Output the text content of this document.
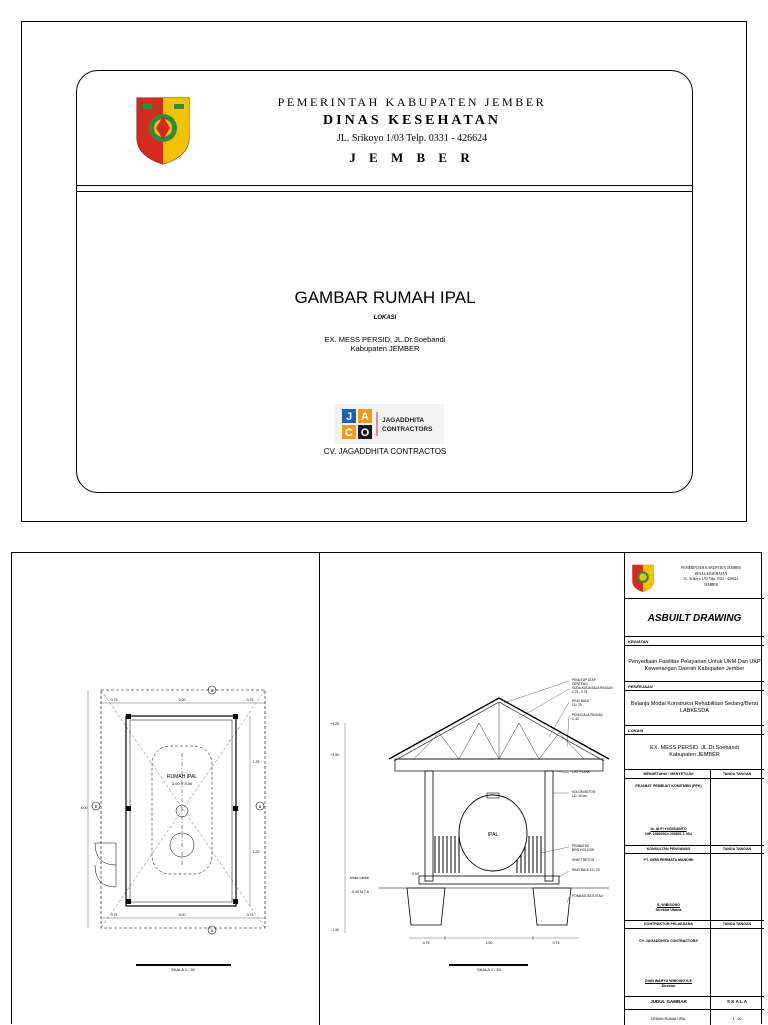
PEMERINTAH KABUPATEN JEMBER
DINAS KESEHATAN
JL. Srikoyo 1/03 Telp. 0331 - 426624
J E M B E R
GAMBAR RUMAH IPAL
LOKASI
EX. MESS PERSID, JL.Dr.Soebandi
Kabupaten JEMBER
J A
C O
JAGADDHITA
CONTRACTORS
CV. JAGADDHITA CONTRACTOS
RUMAH IPAL
3.00 X 5.00
0.75	3.00	0.75
5.00
1.25
1.25
0.75	3.00	0.75
A
B
A
B
SKALA 1 : 50
IPAL
+4.25
+3.50
Muka Lantai
0.00
-0.40 M.T.A
-1.40
0.75	1.50	0.75
PENUTUP ATAP
GENTENG
KUDA-KUDA BAJA RINGAN
0.75 - 0.75
RING BALK
15 / 20
PENGGALA RINGAN
C.40
LIST PLANK
KOLOM BETON
15 / 15 cm
PEMBATAS
BESI HOLLOW
SHAFT BETON
RING BALK 15 / 20
PONDASI BATU KALI
SKALA 1 : 50
PEMERINTAH KABUPATEN JEMBER
DINAS KESEHATAN
JL. Srikoyo 1/03 Telp. 0331 - 426624
JEMBER
ASBUILT DRAWING
KEGIATAN
Penyediaan Fasilitas Pelayanan Untuk UKM Dan UKP Kewenangan Daerah Kabupaten Jember
PEKERJAAN
Belanja Modal Konstruksi Rehabilitasi Sedang/Berat LABKESDA
LOKASI
EX. MESS PERSID, JL.Dr.Soebandi
Kabupaten JEMBER
MENGETAHUI / MENYETUJUI	TANDA TANGAN
PEJABAT PEMBUAT KOMITMEN (PPK)
dr. ALFI YUDISIANTO
NIP. 19800914 200801 1 004
KONSULTAN PENGAWAS	TANDA TANGAN
PT. DEMI PERMATA MANDIRI
S. WIBISONO
Direktur Utama
KONTRAKTOR PELAKSANA	TANDA TANGAN
CV. JAGADDHITA CONTRACTORS
DIAN WAHYU WIBOWO S.E
Direktur
JUDUL GAMBAR	S K A L A
DENAH RUMAH IPAL	1 : 50
